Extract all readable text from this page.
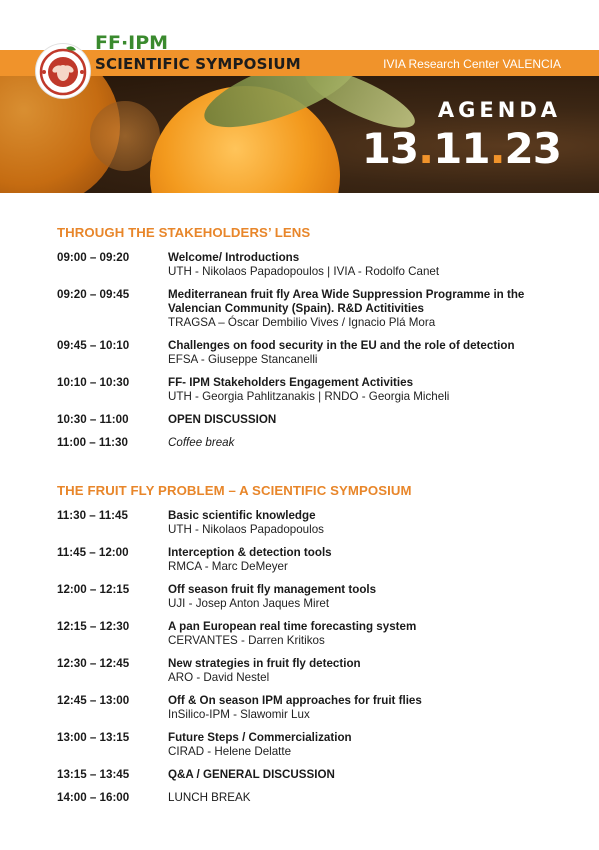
FF·IPM
SCIENTIFIC SYMPOSIUM	IVIA Research Center VALENCIA
AGENDA
13.11.23
THROUGH THE STAKEHOLDERS’ LENS
09:00 – 09:20	Welcome/ Introductions
UTH - Nikolaos Papadopoulos | IVIA - Rodolfo Canet
09:20 – 09:45	Mediterranean fruit fly Area Wide Suppression Programme in the Valencian Community (Spain). R&D Actitivities
TRAGSA – Óscar Dembilio Vives / Ignacio Plá Mora
09:45 – 10:10	Challenges on food security in the EU and the role of detection
EFSA - Giuseppe Stancanelli
10:10 – 10:30	FF- IPM Stakeholders Engagement Activities
UTH - Georgia Pahlitzanakis | RNDO - Georgia Micheli
10:30 – 11:00	OPEN DISCUSSION
11:00 – 11:30	Coffee break
THE FRUIT FLY PROBLEM – A SCIENTIFIC SYMPOSIUM
11:30 – 11:45	Basic scientific knowledge
UTH - Nikolaos Papadopoulos
11:45 – 12:00	Interception & detection tools
RMCA - Marc DeMeyer
12:00 – 12:15	Off season fruit fly management tools
UJI - Josep Anton Jaques Miret
12:15 – 12:30	A pan European real time forecasting system
CERVANTES - Darren Kritikos
12:30 – 12:45	New strategies in fruit fly detection
ARO - David Nestel
12:45 – 13:00	Off & On season IPM approaches for fruit flies
InSilico-IPM - Slawomir Lux
13:00 – 13:15	Future Steps / Commercialization
CIRAD - Helene Delatte
13:15 – 13:45	Q&A / GENERAL DISCUSSION
14:00 – 16:00	LUNCH BREAK
